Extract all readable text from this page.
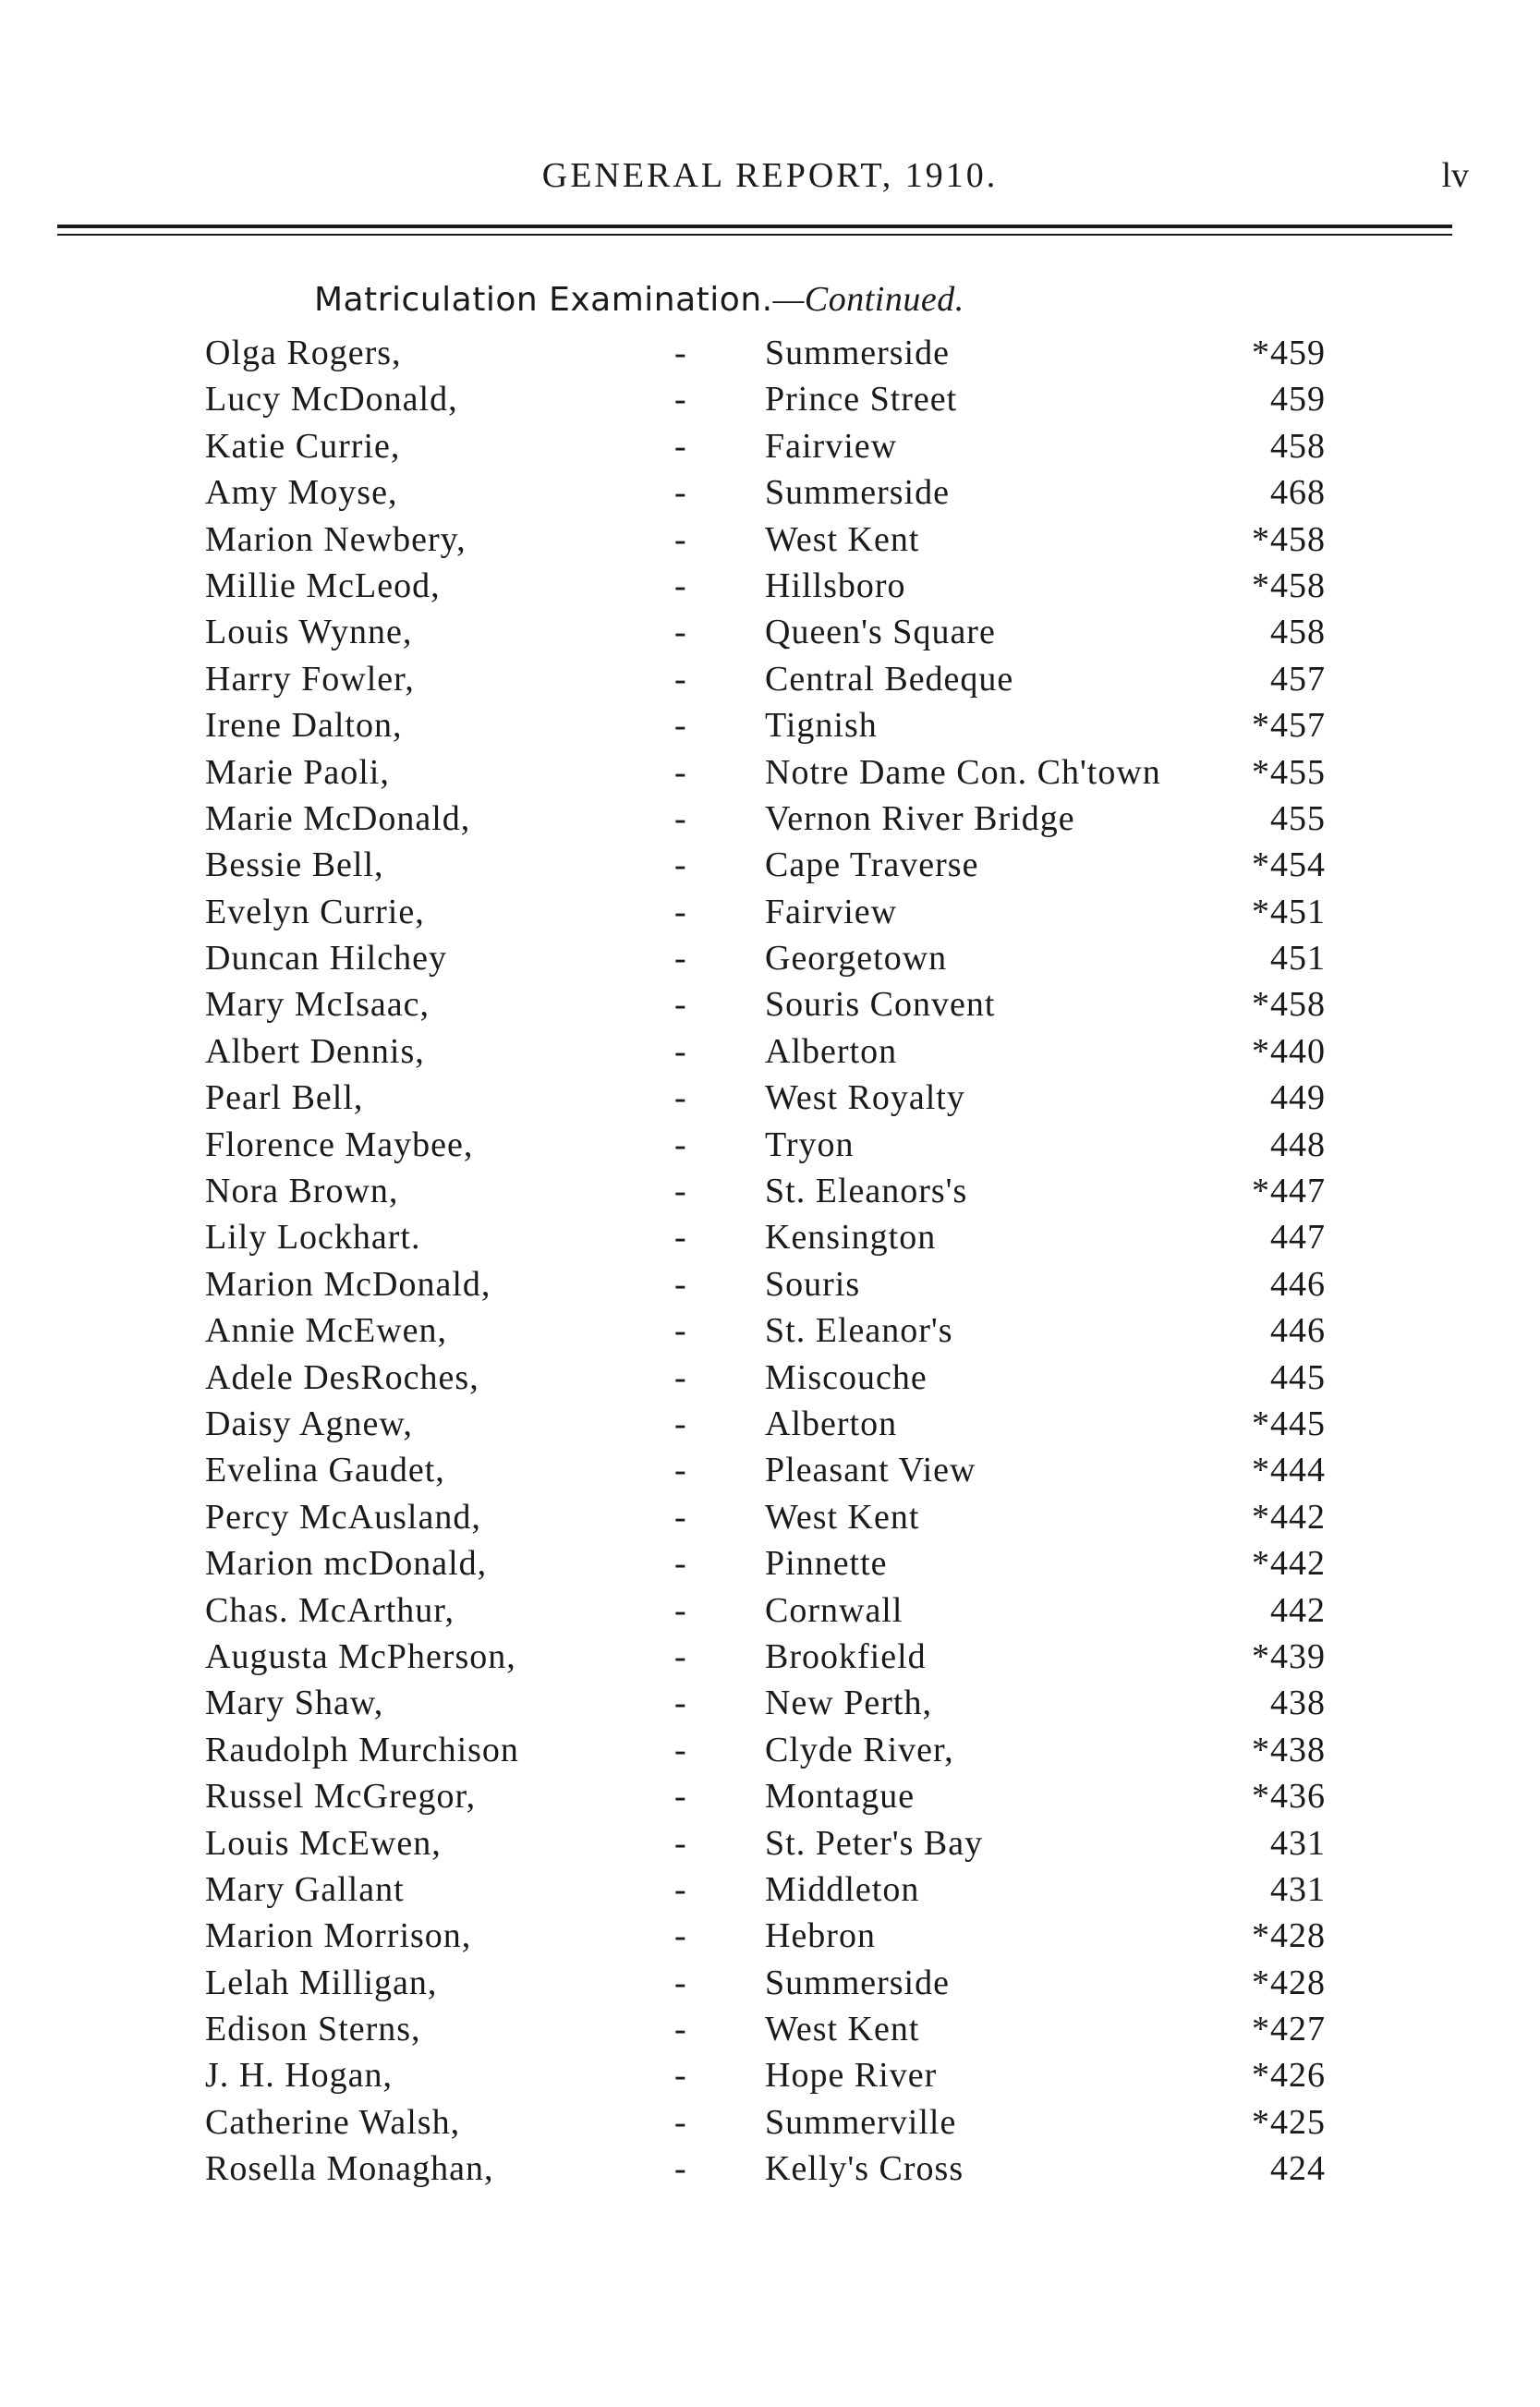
GENERAL REPORT, 1910.	lv
Matriculation Examination.—Continued.
Olga Rogers,	- Summerside	*459
Lucy McDonald,	- Prince Street	459
Katie Currie,	- Fairview	458
Amy Moyse,	- Summerside	468
Marion Newbery,	- West Kent	*458
Millie McLeod,	- Hillsboro	*458
Louis Wynne,	- Queen's Square	458
Harry Fowler,	- Central Bedeque	457
Irene Dalton,	- Tignish	*457
Marie Paoli,	- Notre Dame Con. Ch'town	*455
Marie McDonald,	- Vernon River Bridge	455
Bessie Bell,	- Cape Traverse	*454
Evelyn Currie,	- Fairview	*451
Duncan Hilchey	- Georgetown	451
Mary McIsaac,	- Souris Convent	*458
Albert Dennis,	- Alberton	*440
Pearl Bell,	- West Royalty	449
Florence Maybee,	- Tryon	448
Nora Brown,	- St. Eleanors's	*447
Lily Lockhart.	- Kensington	447
Marion McDonald,	- Souris	446
Annie McEwen,	- St. Eleanor's	446
Adele DesRoches,	- Miscouche	445
Daisy Agnew,	- Alberton	*445
Evelina Gaudet,	- Pleasant View	*444
Percy McAusland,	- West Kent	*442
Marion mcDonald,	- Pinnette	*442
Chas. McArthur,	- Cornwall	442
Augusta McPherson,	- Brookfield	*439
Mary Shaw,	- New Perth,	438
Raudolph Murchison	- Clyde River,	*438
Russel McGregor,	- Montague	*436
Louis McEwen,	- St. Peter's Bay	431
Mary Gallant	- Middleton	431
Marion Morrison,	- Hebron	*428
Lelah Milligan,	- Summerside	*428
Edison Sterns,	- West Kent	*427
J. H. Hogan,	- Hope River	*426
Catherine Walsh,	- Summerville	*425
Rosella Monaghan,	- Kelly's Cross	424
